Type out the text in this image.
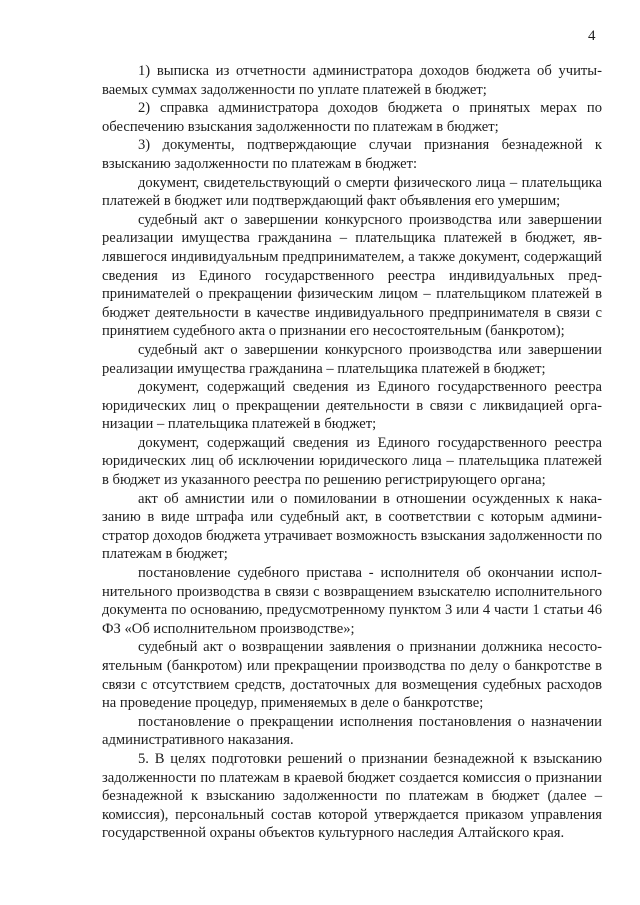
4

1) выписка из отчетности администратора доходов бюджета об учитываемых суммах задолженности по уплате платежей в бюджет;

2) справка администратора доходов бюджета о принятых мерах по обеспечению взыскания задолженности по платежам в бюджет;

3) документы, подтверждающие случаи признания безнадежной к взысканию задолженности по платежам в бюджет:

документ, свидетельствующий о смерти физического лица – плательщика платежей в бюджет или подтверждающий факт объявления его умершим;

судебный акт о завершении конкурсного производства или завершении реализации имущества гражданина – плательщика платежей в бюджет, являвшегося индивидуальным предпринимателем, а также документ, содержащий сведения из Единого государственного реестра индивидуальных предпринимателей о прекращении физическим лицом – плательщиком платежей в бюджет деятельности в качестве индивидуального предпринимателя в связи с принятием судебного акта о признании его несостоятельным (банкротом);

судебный акт о завершении конкурсного производства или завершении реализации имущества гражданина – плательщика платежей в бюджет;

документ, содержащий сведения из Единого государственного реестра юридических лиц о прекращении деятельности в связи с ликвидацией организации – плательщика платежей в бюджет;

документ, содержащий сведения из Единого государственного реестра юридических лиц об исключении юридического лица – плательщика платежей в бюджет из указанного реестра по решению регистрирующего органа;

акт об амнистии или о помиловании в отношении осужденных к наказанию в виде штрафа или судебный акт, в соответствии с которым администратор доходов бюджета утрачивает возможность взыскания задолженности по платежам в бюджет;

постановление судебного пристава - исполнителя об окончании исполнительного производства в связи с возвращением взыскателю исполнительного документа по основанию, предусмотренному пунктом 3 или 4 части 1 статьи 46 ФЗ «Об исполнительном производстве»;

судебный акт о возвращении заявления о признании должника несостоятельным (банкротом) или прекращении производства по делу о банкротстве в связи с отсутствием средств, достаточных для возмещения судебных расходов на проведение процедур, применяемых в деле о банкротстве;

постановление о прекращении исполнения постановления о назначении административного наказания.

5. В целях подготовки решений о признании безнадежной к взысканию задолженности по платежам в краевой бюджет создается комиссия о признании безнадежной к взысканию задолженности по платежам в бюджет (далее – комиссия), персональный состав которой утверждается приказом управления государственной охраны объектов культурного наследия Алтайского края.
